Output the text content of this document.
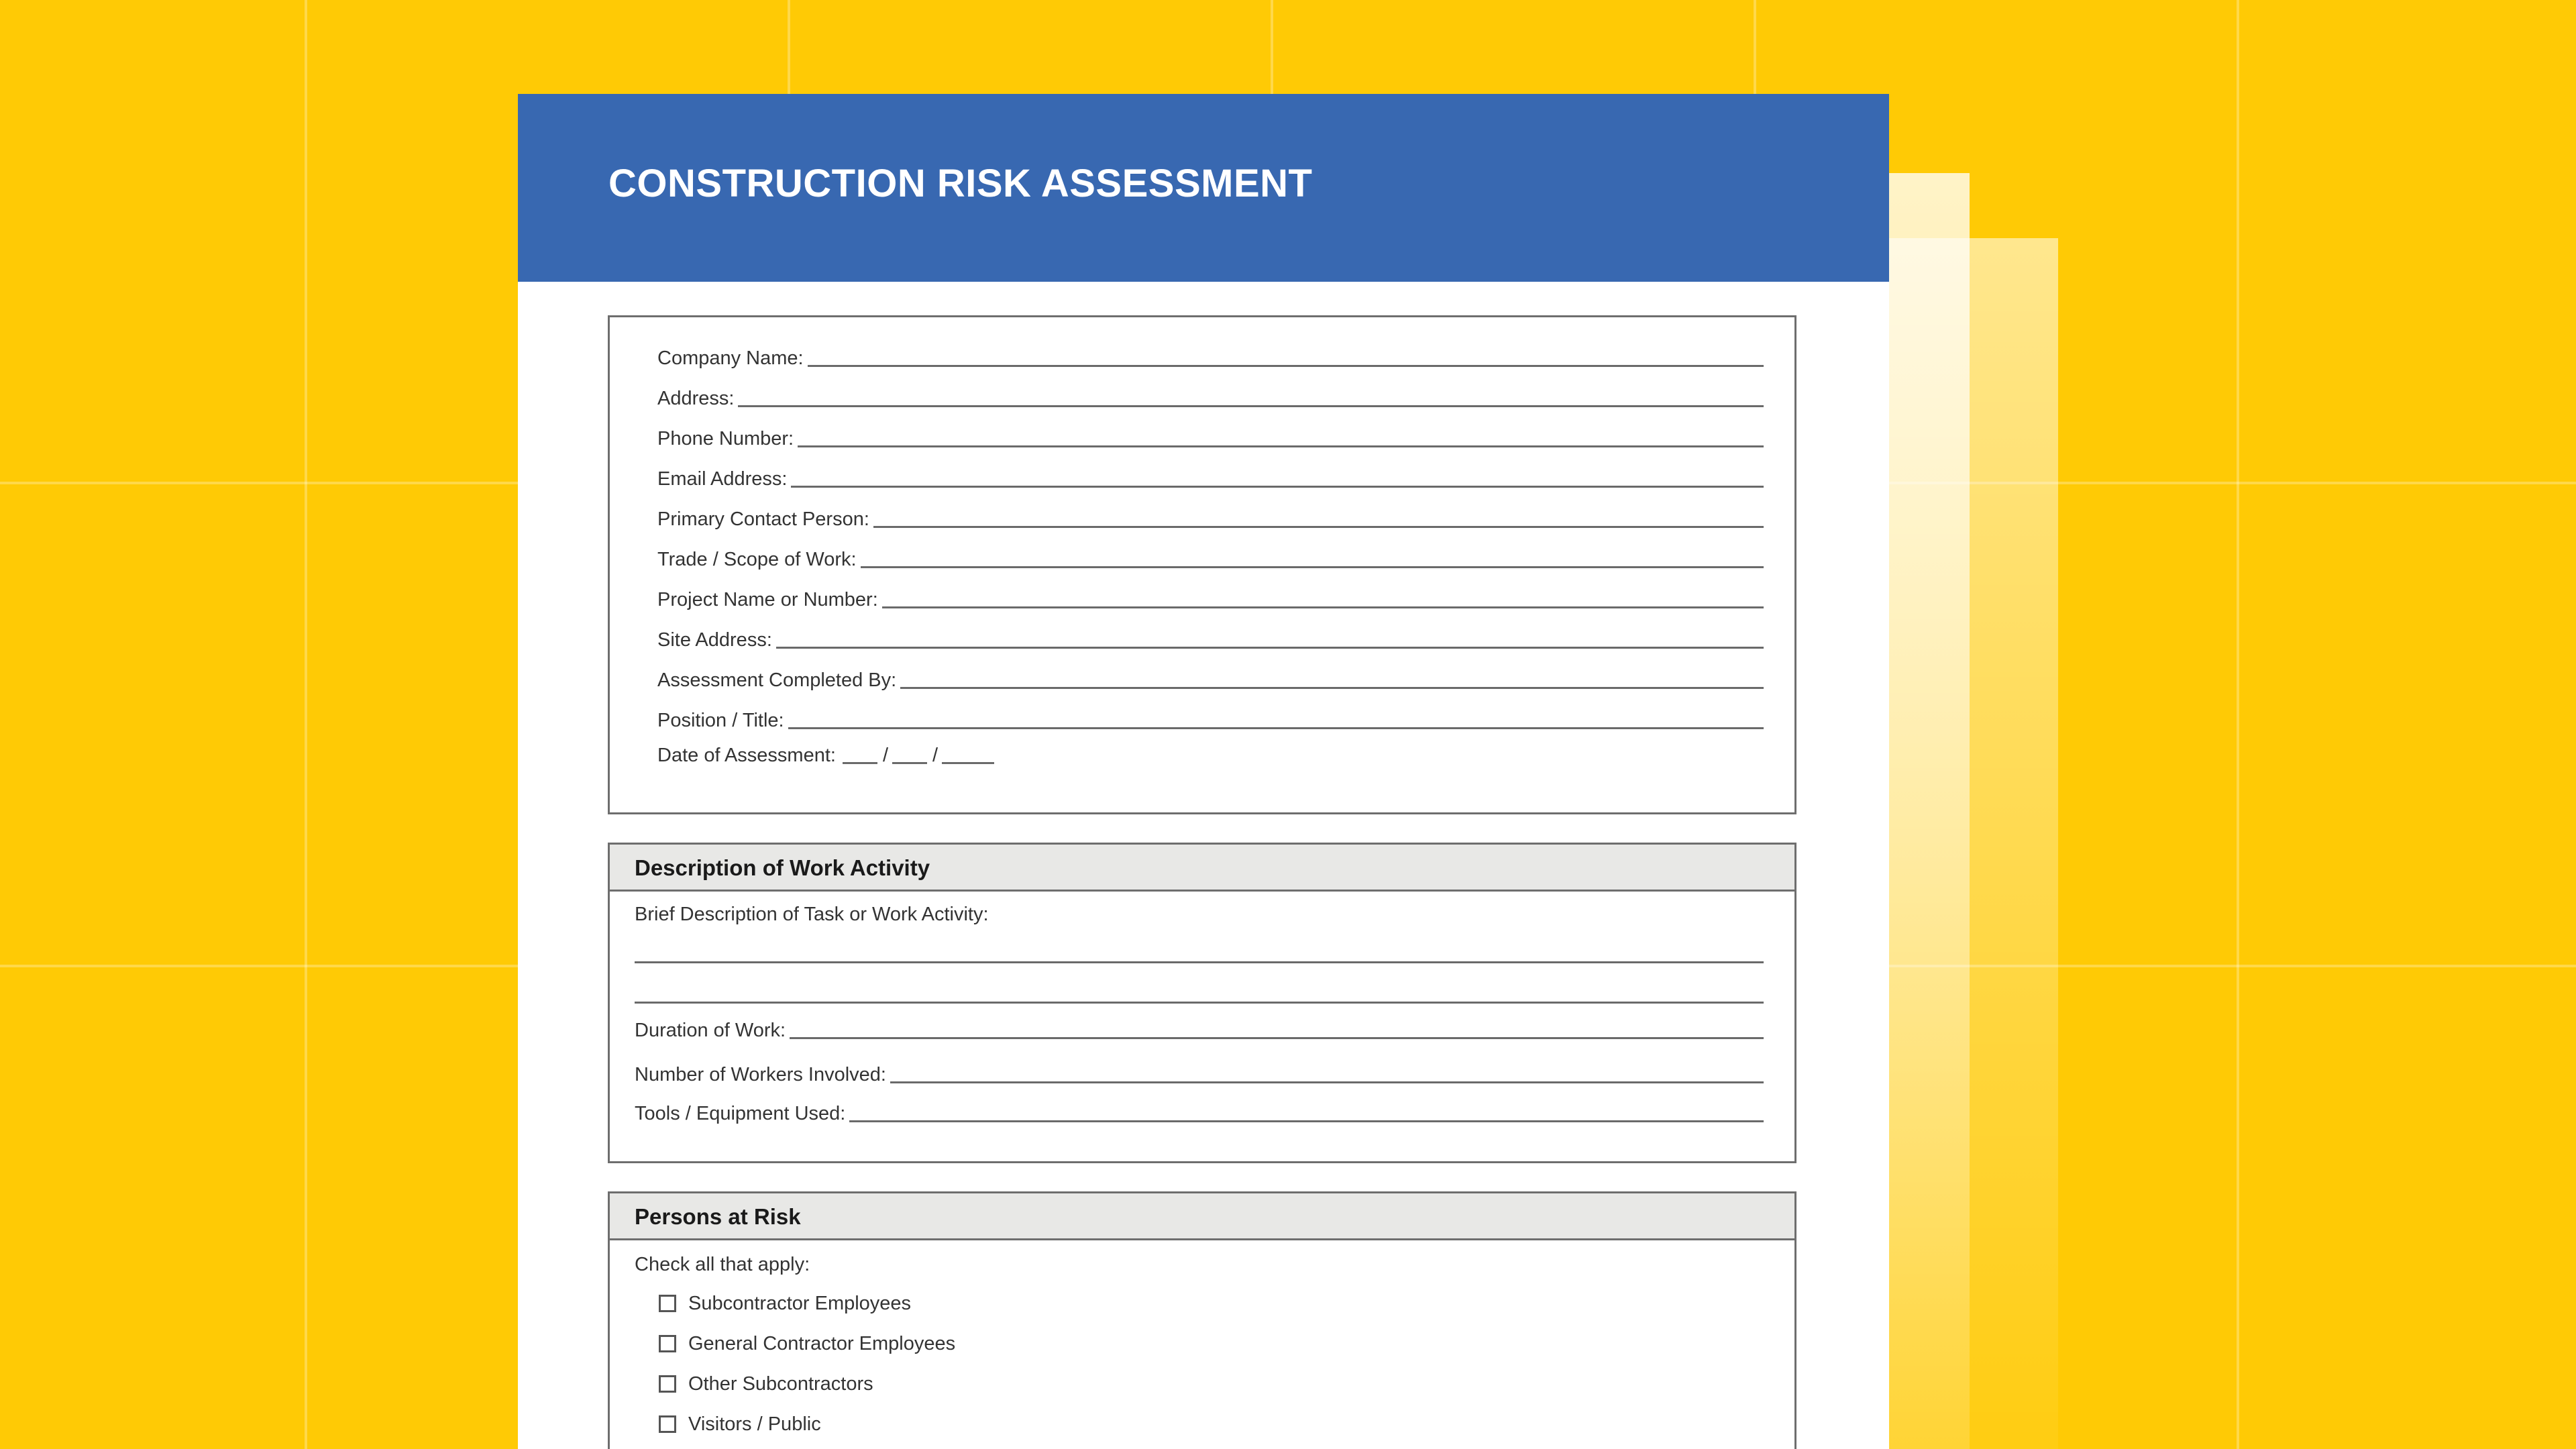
CONSTRUCTION RISK ASSESSMENT
Company Name:
Address:
Phone Number:
Email Address:
Primary Contact Person:
Trade / Scope of Work:
Project Name or Number:
Site Address:
Assessment Completed By:
Position / Title:
Date of Assessment: / /
Description of Work Activity
Brief Description of Task or Work Activity:
Duration of Work:
Number of Workers Involved:
Tools / Equipment Used:
Persons at Risk
Check all that apply:
Subcontractor Employees
General Contractor Employees
Other Subcontractors
Visitors / Public
